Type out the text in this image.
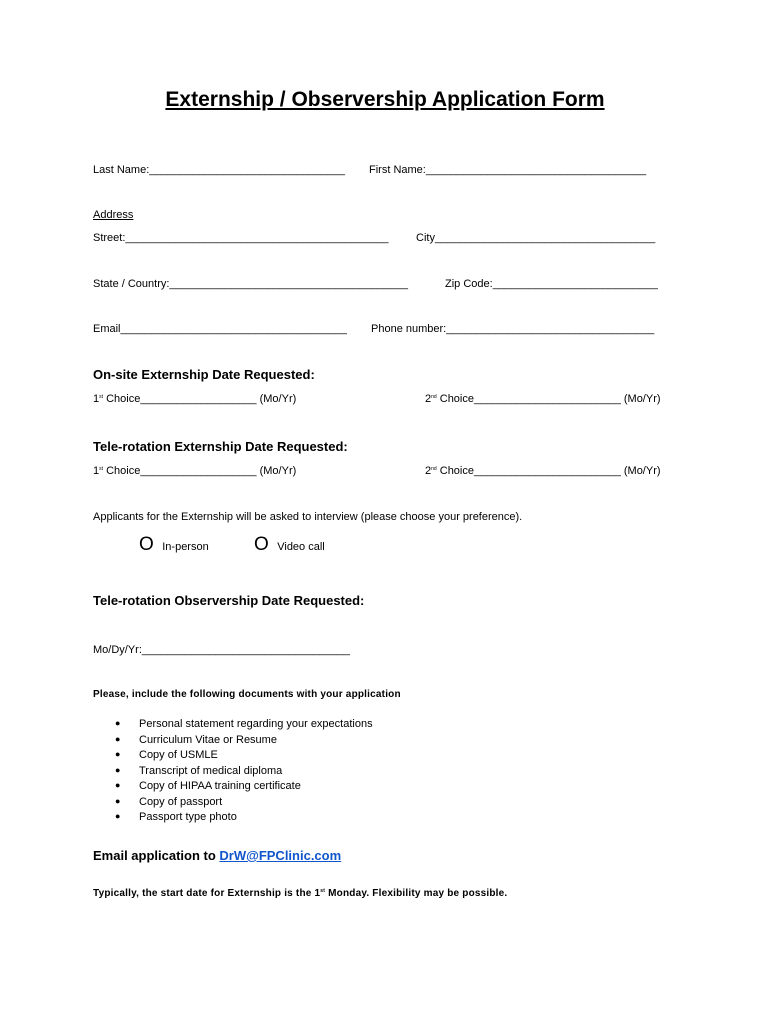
Externship / Observership Application Form
Last Name:________________________________ First Name:____________________________________
Address
Street:___________________________________________	City____________________________________
State / Country:_______________________________________	Zip Code:___________________________
Email_____________________________________ Phone number:__________________________________
On-site Externship Date Requested:
1st Choice___________________ (Mo/Yr)	2nd Choice________________________ (Mo/Yr)
Tele-rotation Externship Date Requested:
1st Choice___________________ (Mo/Yr)	2nd Choice________________________ (Mo/Yr)
Applicants for the Externship will be asked to interview (please choose your preference).
O In-person O Video call
Tele-rotation Observership Date Requested:
Mo/Dy/Yr:__________________________________
Please, include the following documents with your application
● Personal statement regarding your expectations
● Curriculum Vitae or Resume
● Copy of USMLE
● Transcript of medical diploma
● Copy of HIPAA training certificate
● Copy of passport
● Passport type photo
Email application to DrW@FPClinic.com
Typically, the start date for Externship is the 1st Monday. Flexibility may be possible.
